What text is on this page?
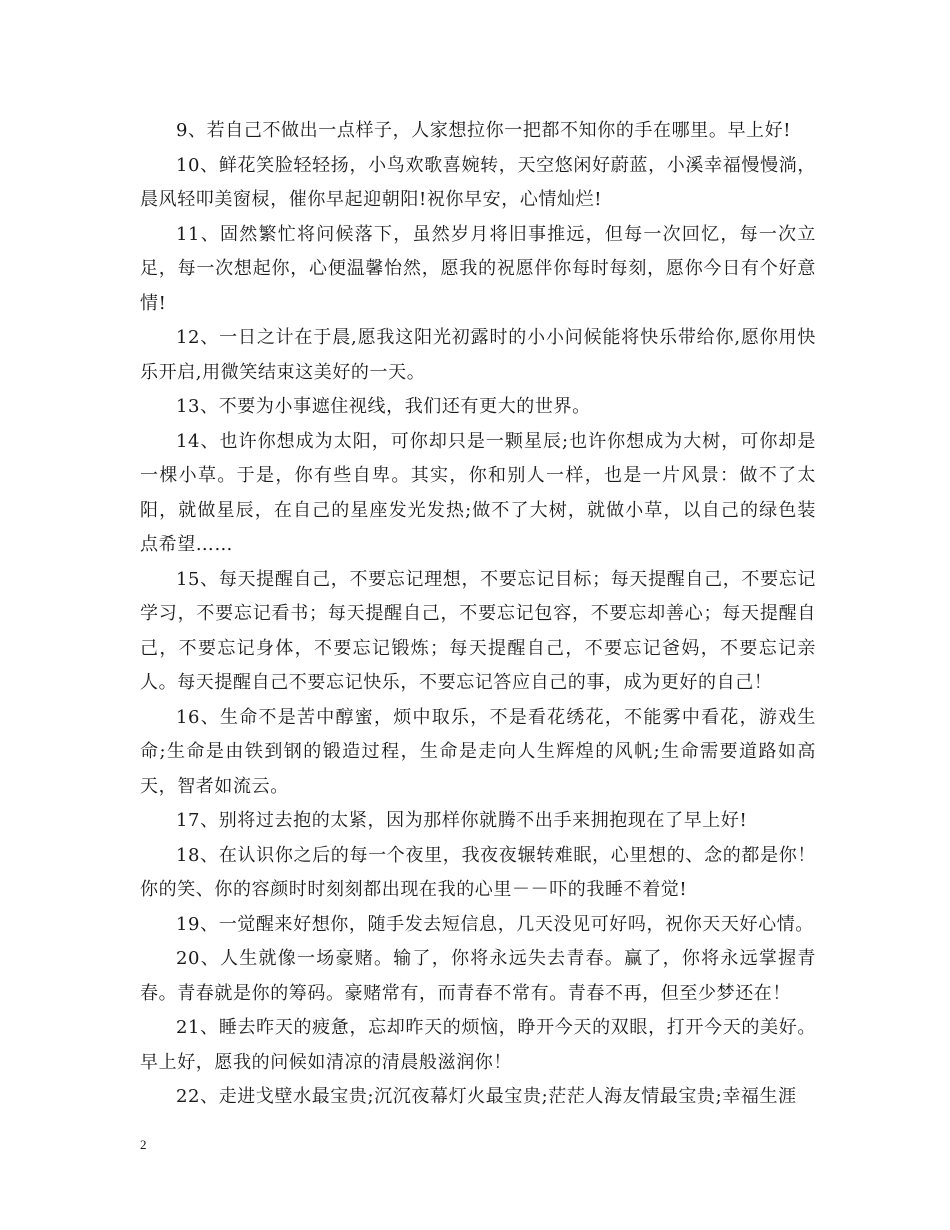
9、若自己不做出一点样子，人家想拉你一把都不知你的手在哪里。早上好!

10、鲜花笑脸轻轻扬，小鸟欢歌喜婉转，天空悠闲好蔚蓝，小溪幸福慢慢淌，晨风轻叩美窗棂，催你早起迎朝阳!祝你早安，心情灿烂!

11、固然繁忙将问候落下，虽然岁月将旧事推远，但每一次回忆，每一次立足，每一次想起你，心便温馨怡然，愿我的祝愿伴你每时每刻，愿你今日有个好意情!

12、一日之计在于晨,愿我这阳光初露时的小小问候能将快乐带给你,愿你用快乐开启,用微笑结束这美好的一天。

13、不要为小事遮住视线，我们还有更大的世界。

14、也许你想成为太阳，可你却只是一颗星辰;也许你想成为大树，可你却是一棵小草。于是，你有些自卑。其实，你和别人一样，也是一片风景：做不了太阳，就做星辰，在自己的星座发光发热;做不了大树，就做小草，以自己的绿色装点希望……

15、每天提醒自己，不要忘记理想，不要忘记目标；每天提醒自己，不要忘记学习，不要忘记看书；每天提醒自己，不要忘记包容，不要忘却善心；每天提醒自己，不要忘记身体，不要忘记锻炼；每天提醒自己，不要忘记爸妈，不要忘记亲人。每天提醒自己不要忘记快乐，不要忘记答应自己的事，成为更好的自己！

16、生命不是苦中醇蜜，烦中取乐，不是看花绣花，不能雾中看花，游戏生命;生命是由铁到钢的锻造过程，生命是走向人生辉煌的风帆;生命需要道路如高天，智者如流云。

17、别将过去抱的太紧，因为那样你就腾不出手来拥抱现在了早上好!

18、在认识你之后的每一个夜里，我夜夜辗转难眠，心里想的、念的都是你！你的笑、你的容颜时时刻刻都出现在我的心里－－吓的我睡不着觉!

19、一觉醒来好想你，随手发去短信息，几天没见可好吗，祝你天天好心情。

20、人生就像一场豪赌。输了，你将永远失去青春。赢了，你将永远掌握青春。青春就是你的筹码。豪赌常有，而青春不常有。青春不再，但至少梦还在！

21、睡去昨天的疲惫，忘却昨天的烦恼，睁开今天的双眼，打开今天的美好。早上好，愿我的问候如清凉的清晨般滋润你！

22、走进戈壁水最宝贵;沉沉夜幕灯火最宝贵;茫茫人海友情最宝贵;幸福生涯

2
